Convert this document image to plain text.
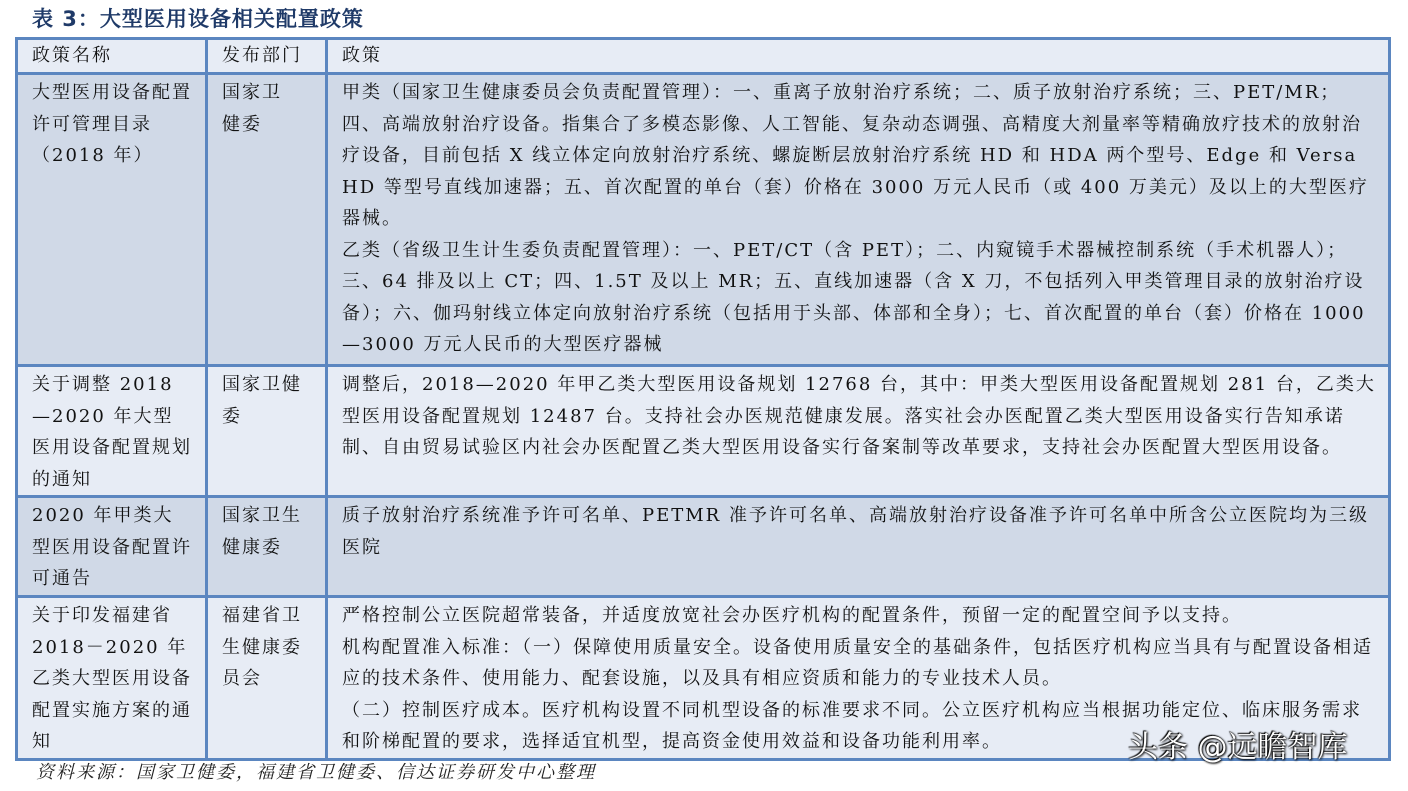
表 3：大型医用设备相关配置政策
政策名称	发布部门	政策
大型医用设备配置许可管理目录（2018 年）	国家卫健委	甲类（国家卫生健康委员会负责配置管理）：一、重离子放射治疗系统；二、质子放射治疗系统；三、PET/MR；四、高端放射治疗设备。指集合了多模态影像、人工智能、复杂动态调强、高精度大剂量率等精确放疗技术的放射治疗设备，目前包括 X 线立体定向放射治疗系统、螺旋断层放射治疗系统 HD 和 HDA 两个型号、Edge 和 Versa HD 等型号直线加速器；五、首次配置的单台（套）价格在 3000 万元人民币（或 400 万美元）及以上的大型医疗器械。
乙类（省级卫生计生委负责配置管理）：一、PET/CT（含 PET）；二、内窥镜手术器械控制系统（手术机器人）；三、64 排及以上 CT；四、1.5T 及以上 MR；五、直线加速器（含 X 刀，不包括列入甲类管理目录的放射治疗设备）；六、伽玛射线立体定向放射治疗系统（包括用于头部、体部和全身）；七、首次配置的单台（套）价格在 1000—3000 万元人民币的大型医疗器械

关于调整 2018—2020 年大型医用设备配置规划的通知	国家卫健委	调整后，2018—2020 年甲乙类大型医用设备规划 12768 台，其中：甲类大型医用设备配置规划 281 台，乙类大型医用设备配置规划 12487 台。支持社会办医规范健康发展。落实社会办医配置乙类大型医用设备实行告知承诺制、自由贸易试验区内社会办医配置乙类大型医用设备实行备案制等改革要求，支持社会办医配置大型医用设备。

2020 年甲类大型医用设备配置许可通告	国家卫生健康委	质子放射治疗系统准予许可名单、PETMR 准予许可名单、高端放射治疗设备准予许可名单中所含公立医院均为三级医院

关于印发福建省 2018－2020 年乙类大型医用设备配置实施方案的通知	福建省卫生健康委员会	严格控制公立医院超常装备，并适度放宽社会办医疗机构的配置条件，预留一定的配置空间予以支持。
机构配置准入标准：（一）保障使用质量安全。设备使用质量安全的基础条件，包括医疗机构应当具有与配置设备相适应的技术条件、使用能力、配套设施，以及具有相应资质和能力的专业技术人员。
（二）控制医疗成本。医疗机构设置不同机型设备的标准要求不同。公立医疗机构应当根据功能定位、临床服务需求和阶梯配置的要求，选择适宜机型，提高资金使用效益和设备功能利用率。
资料来源：国家卫健委，福建省卫健委、信达证券研发中心整理
头条 @远瞻智库
